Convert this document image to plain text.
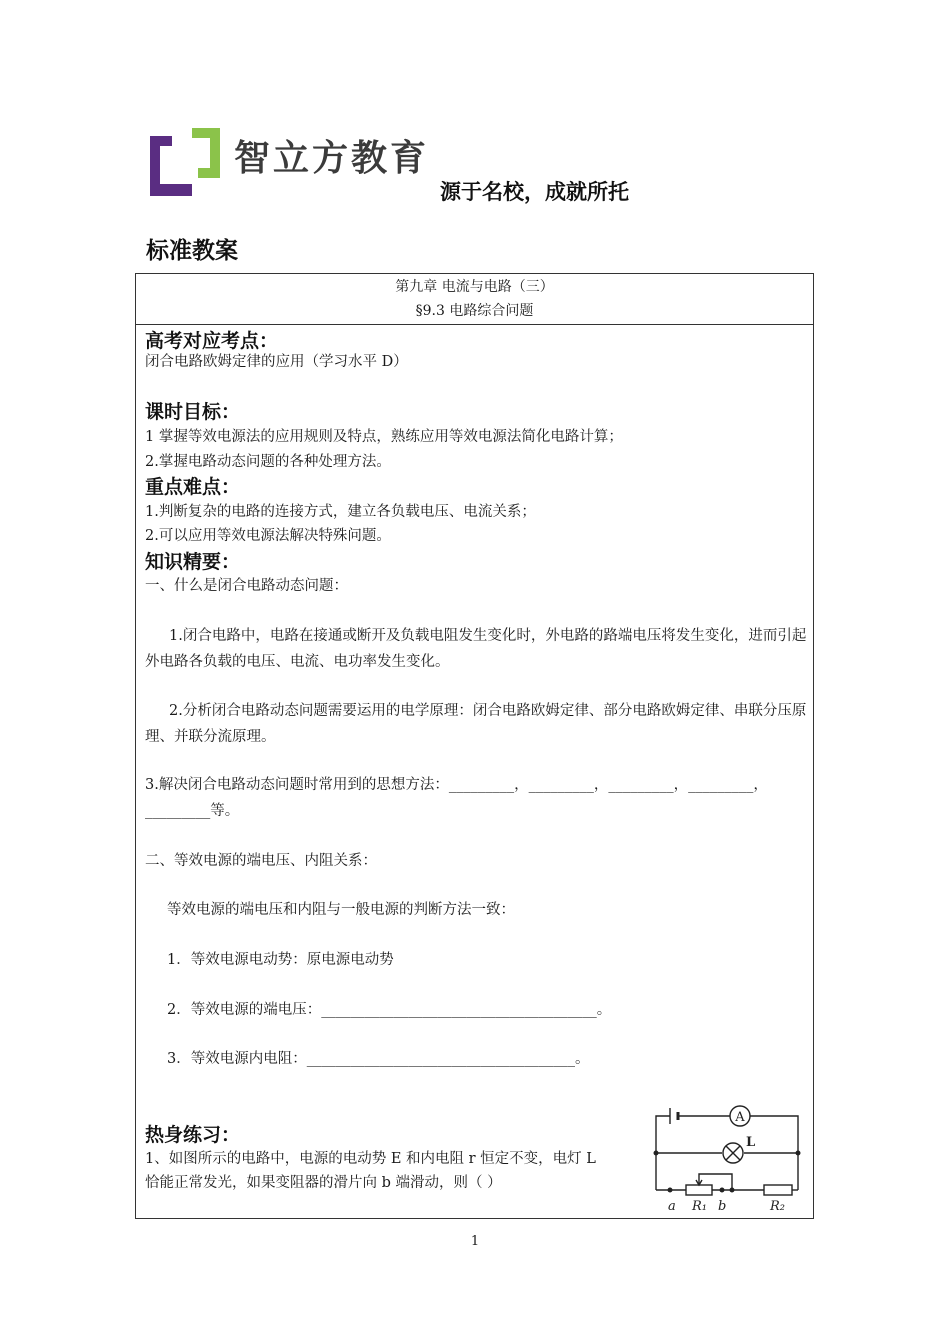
智立方教育
源于名校，成就所托
标准教案
第九章 电流与电路（三）
§9.3 电路综合问题
高考对应考点：
闭合电路欧姆定律的应用（学习水平 D）
课时目标：
1 掌握等效电源法的应用规则及特点，熟练应用等效电源法简化电路计算；
2.掌握电路动态问题的各种处理方法。
重点难点：
1.判断复杂的电路的连接方式，建立各负载电压、电流关系；
2.可以应用等效电源法解决特殊问题。
知识精要：
一、什么是闭合电路动态问题：
1.闭合电路中，电路在接通或断开及负载电阻发生变化时，外电路的路端电压将发生变化，进而引起外电路各负载的电压、电流、电功率发生变化。
2.分析闭合电路动态问题需要运用的电学原理：闭合电路欧姆定律、部分电路欧姆定律、串联分压原理、并联分流原理。
3.解决闭合电路动态问题时常用到的思想方法：_________，_________，_________，_________，_________等。
二、等效电源的端电压、内阻关系：
等效电源的端电压和内阻与一般电源的判断方法一致：
1．等效电源电动势：原电源电动势
2．等效电源的端电压：______________________________________。
3．等效电源内电阻：_____________________________________。
热身练习：
1、如图所示的电路中，电源的电动势 E 和内电阻 r 恒定不变，电灯 L
恰能正常发光，如果变阻器的滑片向 b 端滑动，则（ ）
A
L
a R₁ b	R₂
1
